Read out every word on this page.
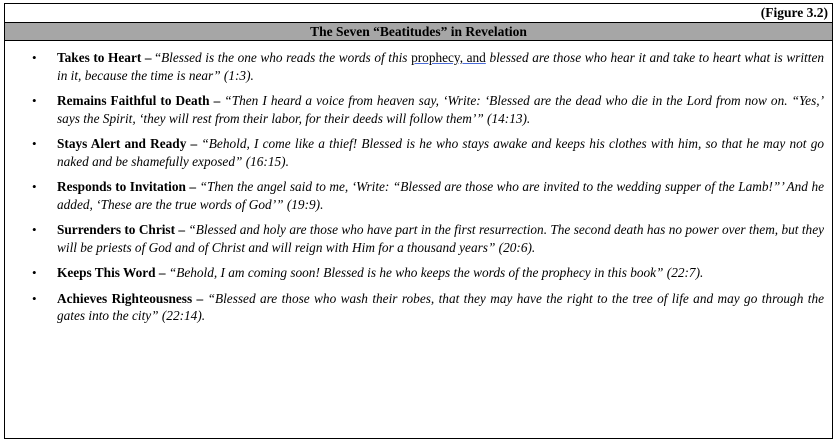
(Figure 3.2)
The Seven “Beatitudes” in Revelation
• Takes to Heart – “Blessed is the one who reads the words of this prophecy, and blessed are those who hear it and take to heart what is written in it, because the time is near” (1:3).
• Remains Faithful to Death – “Then I heard a voice from heaven say, ‘Write: ‘Blessed are the dead who die in the Lord from now on. “Yes,’ says the Spirit, ‘they will rest from their labor, for their deeds will follow them’” (14:13).
• Stays Alert and Ready – “Behold, I come like a thief! Blessed is he who stays awake and keeps his clothes with him, so that he may not go naked and be shamefully exposed” (16:15).
• Responds to Invitation – “Then the angel said to me, ‘Write: “Blessed are those who are invited to the wedding supper of the Lamb!”’ And he added, ‘These are the true words of God’” (19:9).
• Surrenders to Christ – “Blessed and holy are those who have part in the first resurrection. The second death has no power over them, but they will be priests of God and of Christ and will reign with Him for a thousand years” (20:6).
• Keeps This Word – “Behold, I am coming soon! Blessed is he who keeps the words of the prophecy in this book” (22:7).
• Achieves Righteousness – “Blessed are those who wash their robes, that they may have the right to the tree of life and may go through the gates into the city” (22:14).
